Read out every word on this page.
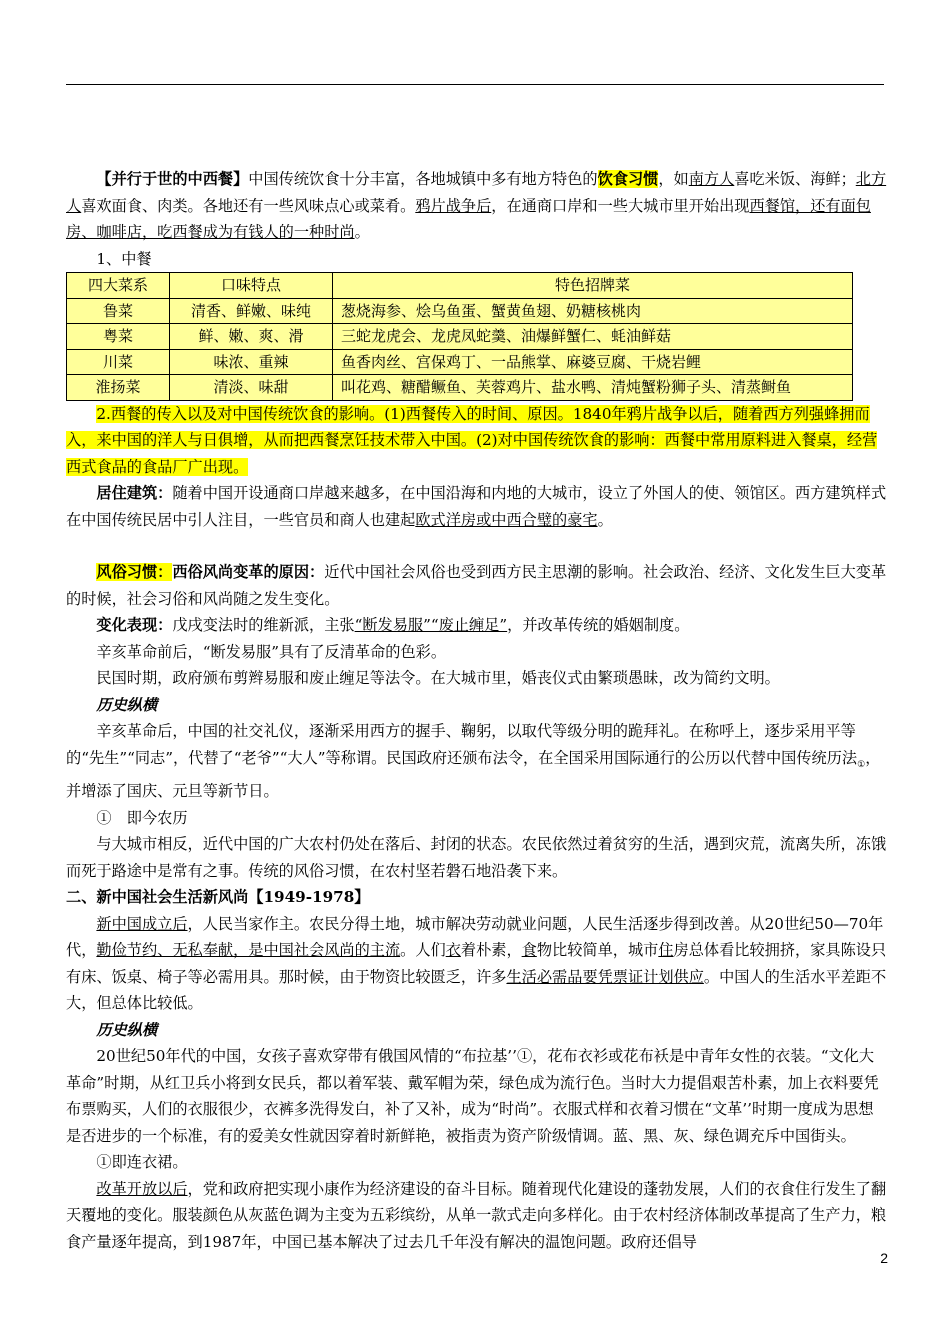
【并行于世的中西餐】中国传统饮食十分丰富，各地城镇中多有地方特色的饮食习惯，如南方人喜吃米饭、海鲜；北方人喜欢面食、肉类。各地还有一些风味点心或菜肴。鸦片战争后，在通商口岸和一些大城市里开始出现西餐馆，还有面包房、咖啡店，吃西餐成为有钱人的一种时尚。

1、中餐

四大菜系	口味特点	特色招牌菜
鲁菜	清香、鲜嫩、味纯	葱烧海参、烩乌鱼蛋、蟹黄鱼翅、奶糖核桃肉
粤菜	鲜、嫩、爽、滑	三蛇龙虎会、龙虎凤蛇羹、油爆鲜蟹仁、蚝油鲜菇
川菜	味浓、重辣	鱼香肉丝、宫保鸡丁、一品熊掌、麻婆豆腐、干烧岩鲤
淮扬菜	清淡、味甜	叫花鸡、糖醋鳜鱼、芙蓉鸡片、盐水鸭、清炖蟹粉狮子头、清蒸鲥鱼

2.西餐的传入以及对中国传统饮食的影响。(1)西餐传入的时间、原因。1840年鸦片战争以后，随着西方列强蜂拥而入，来中国的洋人与日俱增，从而把西餐烹饪技术带入中国。(2)对中国传统饮食的影响：西餐中常用原料进入餐桌，经营西式食品的食品厂广出现。

居住建筑：随着中国开设通商口岸越来越多，在中国沿海和内地的大城市，设立了外国人的使、领馆区。西方建筑样式在中国传统民居中引人注目，一些官员和商人也建起欧式洋房或中西合璧的豪宅。

风俗习惯：西俗风尚变革的原因：近代中国社会风俗也受到西方民主思潮的影响。社会政治、经济、文化发生巨大变革的时候，社会习俗和风尚随之发生变化。

变化表现：戊戌变法时的维新派，主张“断发易服”“废止缠足”，并改革传统的婚姻制度。

辛亥革命前后，“断发易服”具有了反清革命的色彩。

民国时期，政府颁布剪辫易服和废止缠足等法令。在大城市里，婚丧仪式由繁琐愚昧，改为简约文明。

历史纵横

辛亥革命后，中国的社交礼仪，逐渐采用西方的握手、鞠躬，以取代等级分明的跪拜礼。在称呼上，逐步采用平等的“先生”“同志”，代替了“老爷”“大人”等称谓。民国政府还颁布法令，在全国采用国际通行的公历以代替中国传统历法$_①$，并增添了国庆、元旦等新节日。

①　即今农历

与大城市相反，近代中国的广大农村仍处在落后、封闭的状态。农民依然过着贫穷的生活，遇到灾荒，流离失所，冻饿而死于路途中是常有之事。传统的风俗习惯，在农村坚若磐石地沿袭下来。

二、新中国社会生活新风尚【1949-1978】

新中国成立后，人民当家作主。农民分得土地，城市解决劳动就业问题，人民生活逐步得到改善。从20世纪50—70年代，勤俭节约、无私奉献，是中国社会风尚的主流。人们衣着朴素，食物比较简单，城市住房总体看比较拥挤，家具陈设只有床、饭桌、椅子等必需用具。那时候，由于物资比较匮乏，许多生活必需品要凭票证计划供应。中国人的生活水平差距不大，但总体比较低。

历史纵横

20世纪50年代的中国，女孩子喜欢穿带有俄国风情的“布拉基’’①，花布衣衫或花布袄是中青年女性的衣装。“文化大革命”时期，从红卫兵小将到女民兵，都以着军装、戴军帽为荣，绿色成为流行色。当时大力提倡艰苦朴素，加上衣料要凭布票购买，人们的衣服很少，衣裤多洗得发白，补了又补，成为“时尚”。衣服式样和衣着习惯在“文革’’时期一度成为思想是否进步的一个标准，有的爱美女性就因穿着时新鲜艳，被指责为资产阶级情调。蓝、黑、灰、绿色调充斥中国街头。

①即连衣裙。

改革开放以后，党和政府把实现小康作为经济建设的奋斗目标。随着现代化建设的蓬勃发展，人们的衣食住行发生了翻天覆地的变化。服装颜色从灰蓝色调为主变为五彩缤纷，从单一款式走向多样化。由于农村经济体制改革提高了生产力，粮食产量逐年提高，到1987年，中国已基本解决了过去几千年没有解决的温饱问题。政府还倡导

2
